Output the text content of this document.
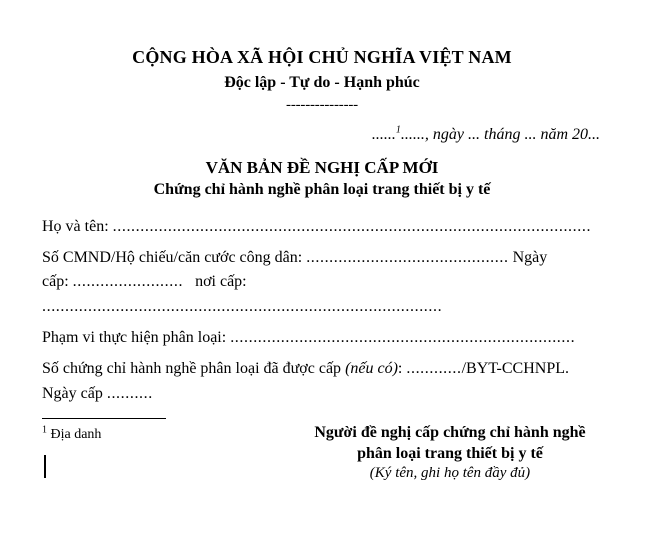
CỘNG HÒA XÃ HỘI CHỦ NGHĨA VIỆT NAM
Độc lập - Tự do - Hạnh phúc
---------------
......$^1$......, ngày ... tháng ... năm 20...
VĂN BẢN ĐỀ NGHỊ CẤP MỚI
Chứng chỉ hành nghề phân loại trang thiết bị y tế
Họ và tên: ........................................................................................................
Số CMND/Hộ chiếu/căn cước công dân: ............................................ Ngày
cấp: ........................ nơi cấp: .......................................................................................
Phạm vi thực hiện phân loại: ...........................................................................
Số chứng chỉ hành nghề phân loại đã được cấp (nếu có): ............/BYT-CCHNPL.
Ngày cấp ..........
Người đề nghị cấp chứng chỉ hành nghề
phân loại trang thiết bị y tế
(Ký tên, ghi họ tên đầy đủ)
$^1$ Địa danh
